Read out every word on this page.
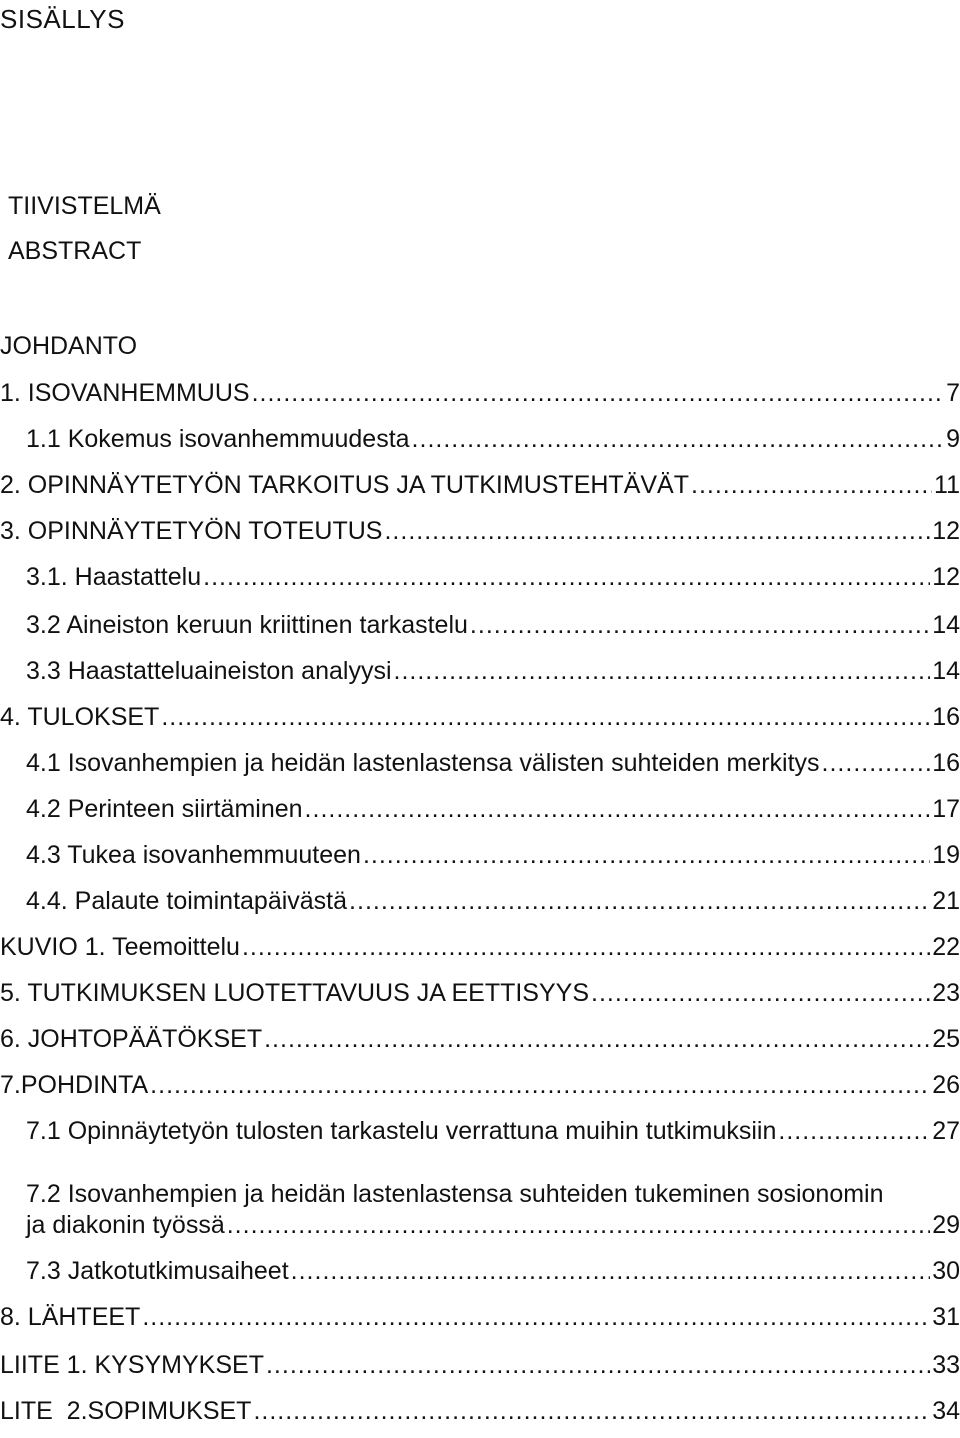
SISÄLLYS
TIIVISTELMÄ
ABSTRACT
JOHDANTO
1. ISOVANHEMMUUS .....	7
1.1 Kokemus isovanhemmuudesta .....	9
2. OPINNÄYTETYÖN TARKOITUS JA TUTKIMUSTEHTÄVÄT .....	11
3. OPINNÄYTETYÖN TOTEUTUS .....	12
3.1. Haastattelu .....	12
3.2 Aineiston keruun kriittinen tarkastelu .....	14
3.3 Haastatteluaineiston analyysi .....	14
4. TULOKSET .....	16
4.1 Isovanhempien ja heidän lastenlastensa välisten suhteiden merkitys .....	16
4.2 Perinteen siirtäminen .....	17
4.3 Tukea isovanhemmuuteen .....	19
4.4. Palaute toimintapäivästä .....	21
KUVIO 1. Teemoittelu .....	22
5. TUTKIMUKSEN LUOTETTAVUUS JA EETTISYYS .....	23
6. JOHTOPÄÄTÖKSET .....	25
7.POHDINTA .....	26
7.1 Opinnäytetyön tulosten tarkastelu verrattuna muihin tutkimuksiin .....	27
7.2 Isovanhempien ja heidän lastenlastensa suhteiden tukeminen sosionomin
ja diakonin työssä .....	29
7.3 Jatkotutkimusaiheet .....	30
8. LÄHTEET .....	31
LIITE 1. KYSYMYKSET .....	33
LITE  2.SOPIMUKSET .....	34
